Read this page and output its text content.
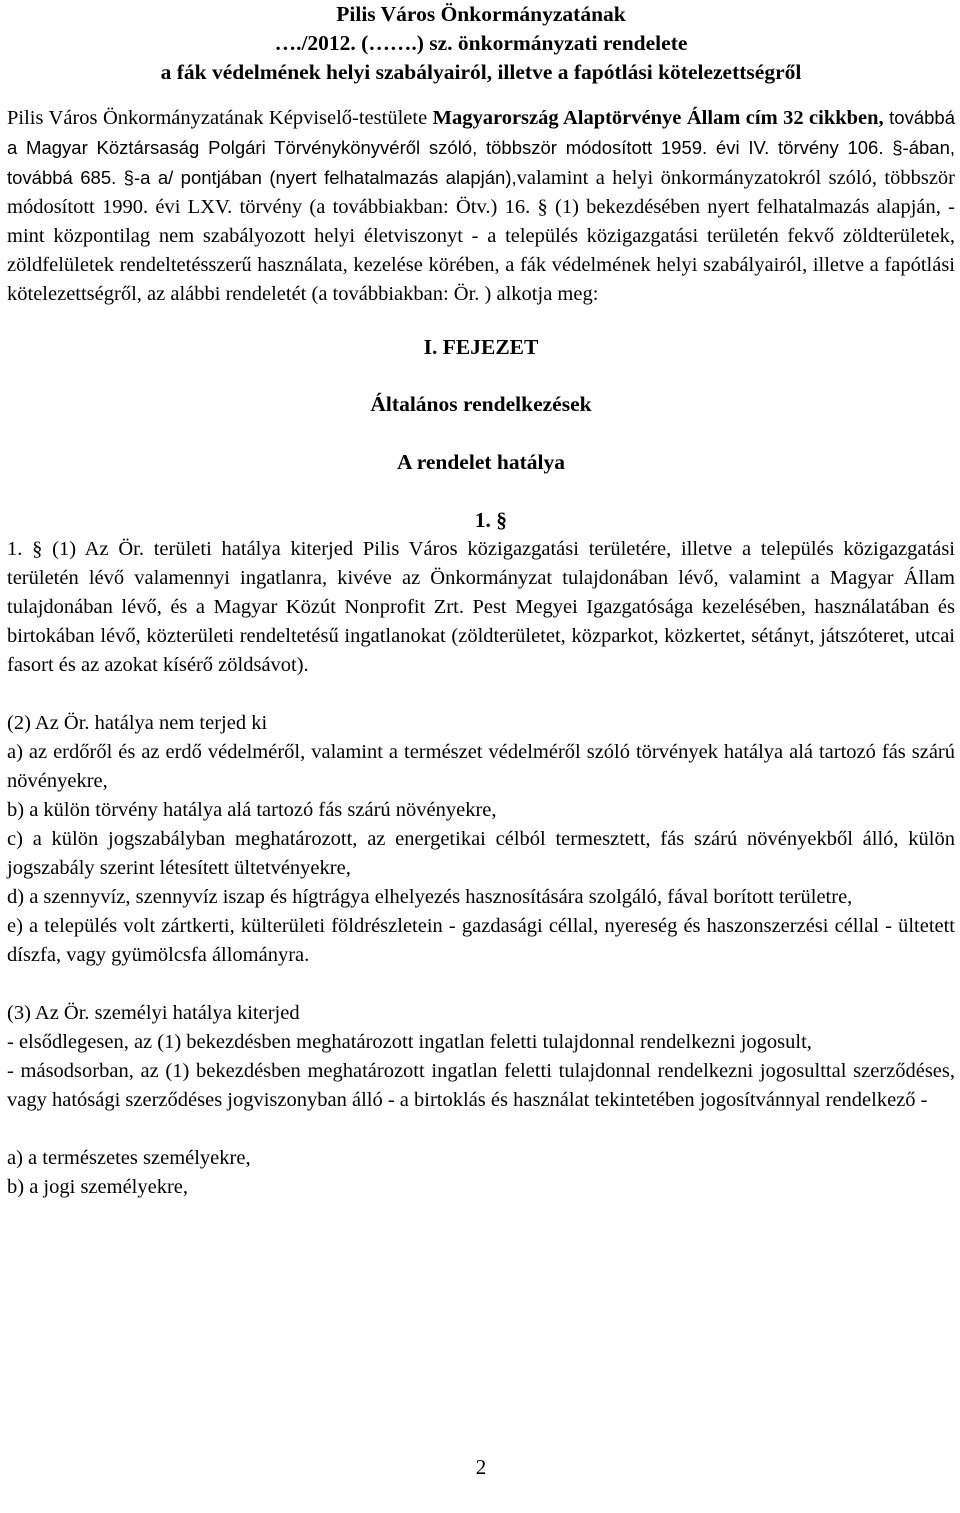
Pilis Város Önkormányzatának
…./2012. (…….) sz. önkormányzati rendelete
a fák védelmének helyi szabályairól, illetve a fapótlási kötelezettségről
Pilis Város Önkormányzatának Képviselő-testülete Magyarország Alaptörvénye Állam cím 32 cikkben, továbbá a Magyar Köztársaság Polgári Törvénykönyvéről szóló, többször módosított 1959. évi IV. törvény 106. §-ában, továbbá 685. §-a a/ pontjában (nyert felhatalmazás alapján),valamint a helyi önkormányzatokról szóló, többször módosított 1990. évi LXV. törvény (a továbbiakban: Ötv.) 16. § (1) bekezdésében nyert felhatalmazás alapján, - mint központilag nem szabályozott helyi életviszonyt - a település közigazgatási területén fekvő zöldterületek, zöldfelületek rendeltetésszerű használata, kezelése körében, a fák védelmének helyi szabályairól, illetve a fapótlási kötelezettségről, az alábbi rendeletét (a továbbiakban: Ör. ) alkotja meg:
I. FEJEZET
Általános rendelkezések
A rendelet hatálya
1. §
1. § (1) Az Ör. területi hatálya kiterjed Pilis Város közigazgatási területére, illetve a település közigazgatási területén lévő valamennyi ingatlanra, kivéve az Önkormányzat tulajdonában lévő, valamint a Magyar Állam tulajdonában lévő, és a Magyar Közút Nonprofit Zrt. Pest Megyei Igazgatósága kezelésében, használatában és birtokában lévő, közterületi rendeltetésű ingatlanokat (zöldterületet, közparkot, közkertet, sétányt, játszóteret, utcai fasort és az azokat kísérő zöldsávot).
(2) Az Ör. hatálya nem terjed ki
a) az erdőről és az erdő védelméről, valamint a természet védelméről szóló törvények hatálya alá tartozó fás szárú növényekre,
b) a külön törvény hatálya alá tartozó fás szárú növényekre,
c) a külön jogszabályban meghatározott, az energetikai célból termesztett, fás szárú növényekből álló, külön jogszabály szerint létesített ültetvényekre,
d) a szennyvíz, szennyvíz iszap és hígtrágya elhelyezés hasznosítására szolgáló, fával borított területre,
e) a település volt zártkerti, külterületi földrészletein - gazdasági céllal, nyereség és haszonszerzési céllal - ültetett díszfa, vagy gyümölcsfa állományra.
(3) Az Ör. személyi hatálya kiterjed
- elsődlegesen, az (1) bekezdésben meghatározott ingatlan feletti tulajdonnal rendelkezni jogosult,
- másodsorban, az (1) bekezdésben meghatározott ingatlan feletti tulajdonnal rendelkezni jogosulttal szerződéses, vagy hatósági szerződéses jogviszonyban álló - a birtoklás és használat tekintetében jogosítvánnyal rendelkező -
a) a természetes személyekre,
b) a jogi személyekre,
2
